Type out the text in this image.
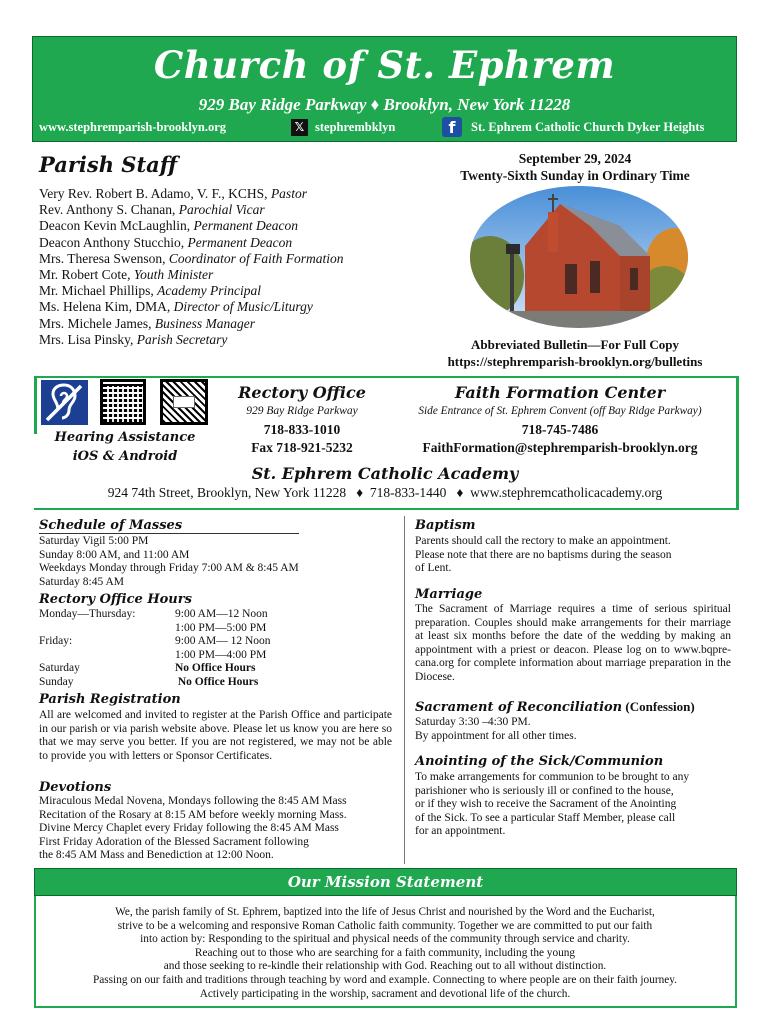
Church of St. Ephrem
929 Bay Ridge Parkway ♦ Brooklyn, New York 11228
www.stephremparish-brooklyn.org	𝕏 stephrembklyn	f	St. Ephrem Catholic Church Dyker Heights
Parish Staff
Very Rev. Robert B. Adamo, V. F., KCHS, Pastor
Rev. Anthony S. Chanan, Parochial Vicar
Deacon Kevin McLaughlin, Permanent Deacon
Deacon Anthony Stucchio, Permanent Deacon
Mrs. Theresa Swenson, Coordinator of Faith Formation
Mr. Robert Cote, Youth Minister
Mr. Michael Phillips, Academy Principal
Ms. Helena Kim, DMA, Director of Music/Liturgy
Mrs. Michele James, Business Manager
Mrs. Lisa Pinsky, Parish Secretary
September 29, 2024
Twenty-Sixth Sunday in Ordinary Time
Abbreviated Bulletin—For Full Copy
https://stephremparish-brooklyn.org/bulletins
Hearing Assistance
iOS & Android
Rectory Office
929 Bay Ridge Parkway
718-833-1010
Fax 718-921-5232
Faith Formation Center
Side Entrance of St. Ephrem Convent (off Bay Ridge Parkway)
718-745-7486
FaithFormation@stephremparish-brooklyn.org
St. Ephrem Catholic Academy
924 74th Street, Brooklyn, New York 11228   ♦  718-833-1440   ♦  www.stephremcatholicacademy.org
Schedule of Masses
Saturday Vigil 5:00 PM
Sunday 8:00 AM, and 11:00 AM
Weekdays Monday through Friday 7:00 AM & 8:45 AM
Saturday 8:45 AM
Rectory Office Hours
Monday—Thursday:	9:00 AM—12 Noon
1:00 PM—5:00 PM
Friday:	9:00 AM— 12 Noon
1:00 PM—4:00 PM
Saturday	No Office Hours
Sunday	No Office Hours
Parish Registration
All are welcomed and invited to register at the Parish Office and participate in our parish or via parish website above. Please let us know you are here so that we may serve you better. If you are not registered, we may not be able to provide you with letters or Sponsor Certificates.
Devotions
Miraculous Medal Novena, Mondays following the 8:45 AM Mass
Recitation of the Rosary at 8:15 AM before weekly morning Mass.
Divine Mercy Chaplet every Friday following the 8:45 AM Mass
First Friday Adoration of the Blessed Sacrament following
the 8:45 AM Mass and Benediction at 12:00 Noon.
Baptism
Parents should call the rectory to make an appointment.
Please note that there are no baptisms during the season
of Lent.
Marriage
The Sacrament of Marriage requires a time of serious spiritual preparation. Couples should make arrangements for their marriage at least six months before the date of the wedding by making an appointment with a priest or deacon. Please log on to www.bqpre-cana.org for complete information about marriage preparation in the Diocese.
Sacrament of Reconciliation (Confession)
Saturday 3:30 –4:30 PM.
By appointment for all other times.
Anointing of the Sick/Communion
To make arrangements for communion to be brought to any
parishioner who is seriously ill or confined to the house,
or if they wish to receive the Sacrament of the Anointing
of the Sick. To see a particular Staff Member, please call
for an appointment.
Our Mission Statement
We, the parish family of St. Ephrem, baptized into the life of Jesus Christ and nourished by the Word and the Eucharist,
strive to be a welcoming and responsive Roman Catholic faith community. Together we are committed to put our faith
into action by: Responding to the spiritual and physical needs of the community through service and charity.
Reaching out to those who are searching for a faith community, including the young
and those seeking to re-kindle their relationship with God. Reaching out to all without distinction.
Passing on our faith and traditions through teaching by word and example. Connecting to where people are on their faith journey.
Actively participating in the worship, sacrament and devotional life of the church.
